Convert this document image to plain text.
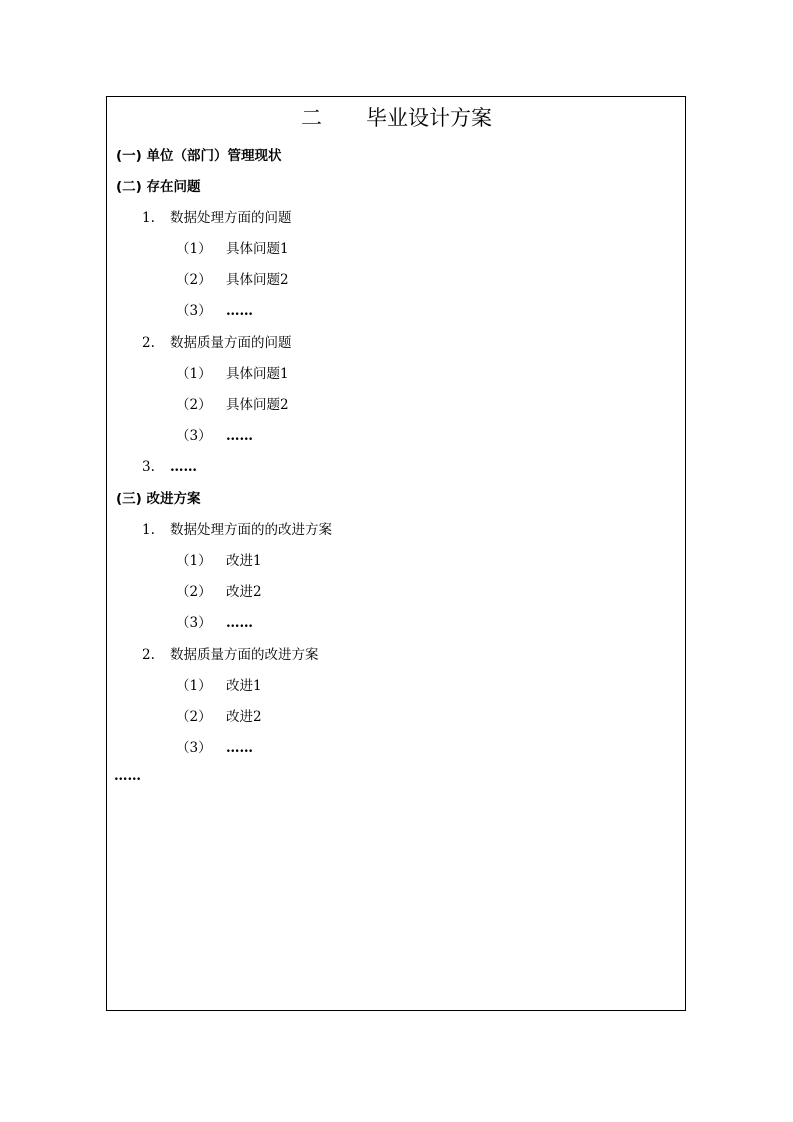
二 毕业设计方案
(一) 单位（部门）管理现状
(二) 存在问题
1. 数据处理方面的问题
（1） 具体问题1
（2） 具体问题2
（3） ……
2. 数据质量方面的问题
（1） 具体问题1
（2） 具体问题2
（3） ……
3. ……
(三) 改进方案
1. 数据处理方面的的改进方案
（1） 改进1
（2） 改进2
（3） ……
2. 数据质量方面的改进方案
（1） 改进1
（2） 改进2
（3） ……
……
